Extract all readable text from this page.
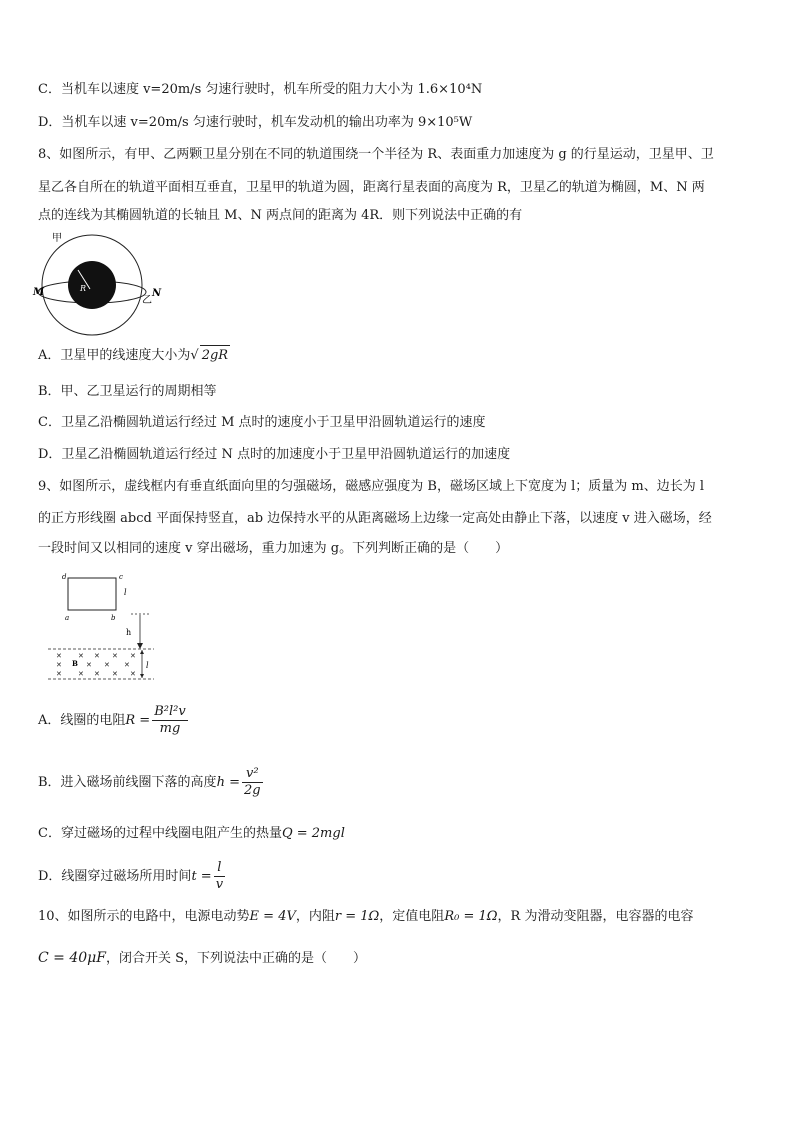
C．当机车以速度 v=20m/s 匀速行驶时，机车所受的阻力大小为 1.6×10⁴N
D．当机车以速 v=20m/s 匀速行驶时，机车发动机的输出功率为 9×10⁵W
8、如图所示，有甲、乙两颗卫星分别在不同的轨道围绕一个半径为 R、表面重力加速度为 g 的行星运动，卫星甲、卫
星乙各自所在的轨道平面相互垂直，卫星甲的轨道为圆，距离行星表面的高度为 R，卫星乙的轨道为椭圆，M、N 两
点的连线为其椭圆轨道的长轴且 M、N 两点间的距离为 4R．则下列说法中正确的有
甲
R
M	N
乙
A．卫星甲的线速度大小为√ 2gR
B．甲、乙卫星运行的周期相等
C．卫星乙沿椭圆轨道运行经过 M 点时的速度小于卫星甲沿圆轨道运行的速度
D．卫星乙沿椭圆轨道运行经过 N 点时的加速度小于卫星甲沿圆轨道运行的加速度
9、如图所示，虚线框内有垂直纸面向里的匀强磁场，磁感应强度为 B，磁场区域上下宽度为 l；质量为 m、边长为 l
的正方形线圈 abcd 平面保持竖直，ab 边保持水平的从距离磁场上边缘一定高处由静止下落，以速度 v 进入磁场，经
一段时间又以相同的速度 v 穿出磁场，重力加速为 g。下列判断正确的是（　　）
d	c
a	b
l
h
✕ ✕ ✕ ✕ ✕
✕	✕ ✕ ✕
✕ ✕ ✕ ✕ ✕
B	l
A．线圈的电阻$R = \frac{\text{B²l²v}}{mg}$
B．进入磁场前线圈下落的高度$h = \frac{\text{v²}}{2g}$
C．穿过磁场的过程中线圈电阻产生的热量Q = 2mgl
D．线圈穿过磁场所用时间$t = \frac{l}{v}$
10、如图所示的电路中，电源电动势E = 4V，内阻r = 1Ω，定值电阻R₀ = 1Ω，R 为滑动变阻器，电容器的电容
C = 40μF，闭合开关 S，下列说法中正确的是（　　）
